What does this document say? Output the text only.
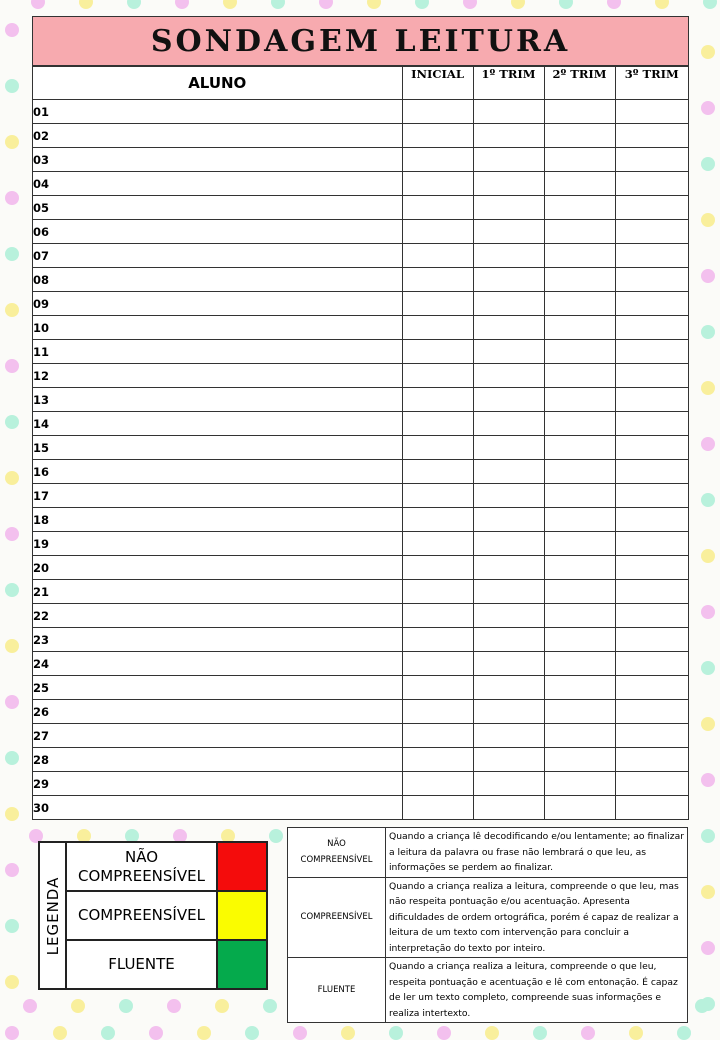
SONDAGEM LEITURA
ALUNO	INICIAL	1º TRIM	2º TRIM	3º TRIM
01				
02				
03				
04				
05				
06				
07				
08				
09				
10				
11				
12				
13				
14				
15				
16				
17				
18				
19				
20				
21				
22				
23				
24				
25				
26				
27				
28				
29				
30				
LEGENDA
NÃO COMPREENSÍVEL
COMPREENSÍVEL
FLUENTE
NÃO COMPREENSÍVEL	Quando a criança lê decodificando e/ou lentamente; ao finalizar a leitura da palavra ou frase não lembrará o que leu, as informações se perdem ao finalizar.
COMPREENSÍVEL	Quando a criança realiza a leitura, compreende o que leu, mas não respeita pontuação e/ou acentuação. Apresenta dificuldades de ordem ortográfica, porém é capaz de realizar a leitura de um texto com intervenção para concluir a interpretação do texto por inteiro.
FLUENTE	Quando a criança realiza a leitura, compreende o que leu, respeita pontuação e acentuação e lê com entonação. É capaz de ler um texto completo, compreende suas informações e realiza intertexto.
